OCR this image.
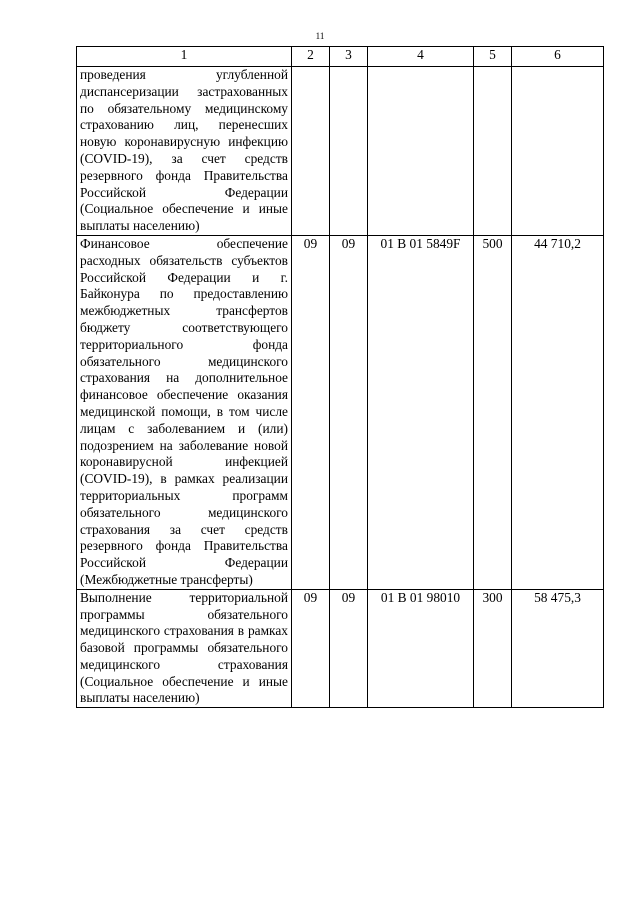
11
1	2	3	4	5	6
проведения углубленной диспансеризации застрахованных по обязательному медицинскому страхованию лиц, перенесших новую коронавирусную инфекцию (COVID-19), за счет средств резервного фонда Правительства Российской Федерации (Социальное обеспечение и иные выплаты населению)					
Финансовое обеспечение расходных обязательств субъектов Российской Федерации и г. Байконура по предоставлению межбюджетных трансфертов бюджету соответствующего территориального фонда обязательного медицинского страхования на дополнительное финансовое обеспечение оказания медицинской помощи, в том числе лицам с заболеванием и (или) подозрением на заболевание новой коронавирусной инфекцией (COVID-19), в рамках реализации территориальных программ обязательного медицинского страхования за счет средств резервного фонда Правительства Российской Федерации (Межбюджетные трансферты)	09	09	01 В 01 5849F	500	44 710,2
Выполнение территориальной программы обязательного медицинского страхования в рамках базовой программы обязательного медицинского страхования (Социальное обеспечение и иные выплаты населению)	09	09	01 В 01 98010	300	58 475,3
